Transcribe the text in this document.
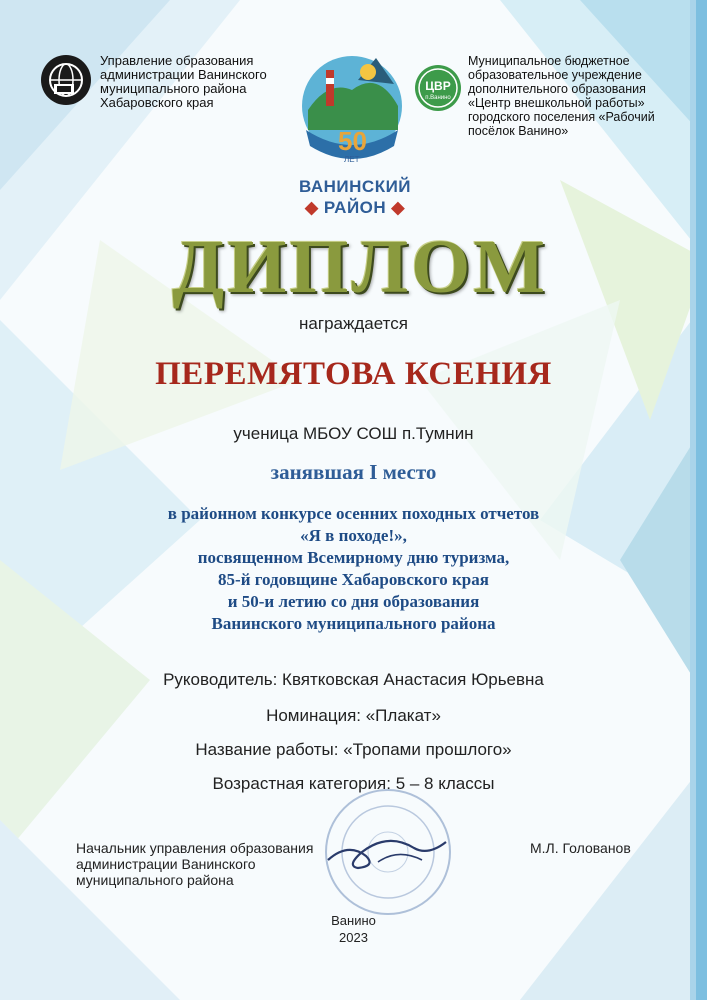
Управление образования администрации Ванинского муниципального района Хабаровского края
50
ЛЕТ
ВАНИНСКИЙ
◆ РАЙОН ◆
ЦВР
п.Ванино
Муниципальное бюджетное образовательное учреждение дополнительного образования «Центр внешкольной работы» городского поселения «Рабочий посёлок Ванино»
ДИПЛОМ
награждается
ПЕРЕМЯТОВА КСЕНИЯ
ученица МБОУ СОШ п.Тумнин
занявшая I место
в районном конкурсе осенних походных отчетов
«Я в походе!»,
посвященном Всемирному дню туризма,
85-й годовщине Хабаровского края
и 50-и летию со дня образования
Ванинского муниципального района
Руководитель: Квятковская Анастасия Юрьевна
Номинация: «Плакат»
Название работы: «Тропами прошлого»
Возрастная категория: 5 – 8 классы
Начальник управления образования администрации Ванинского муниципального района
М.Л. Голованов
Ванино
2023
